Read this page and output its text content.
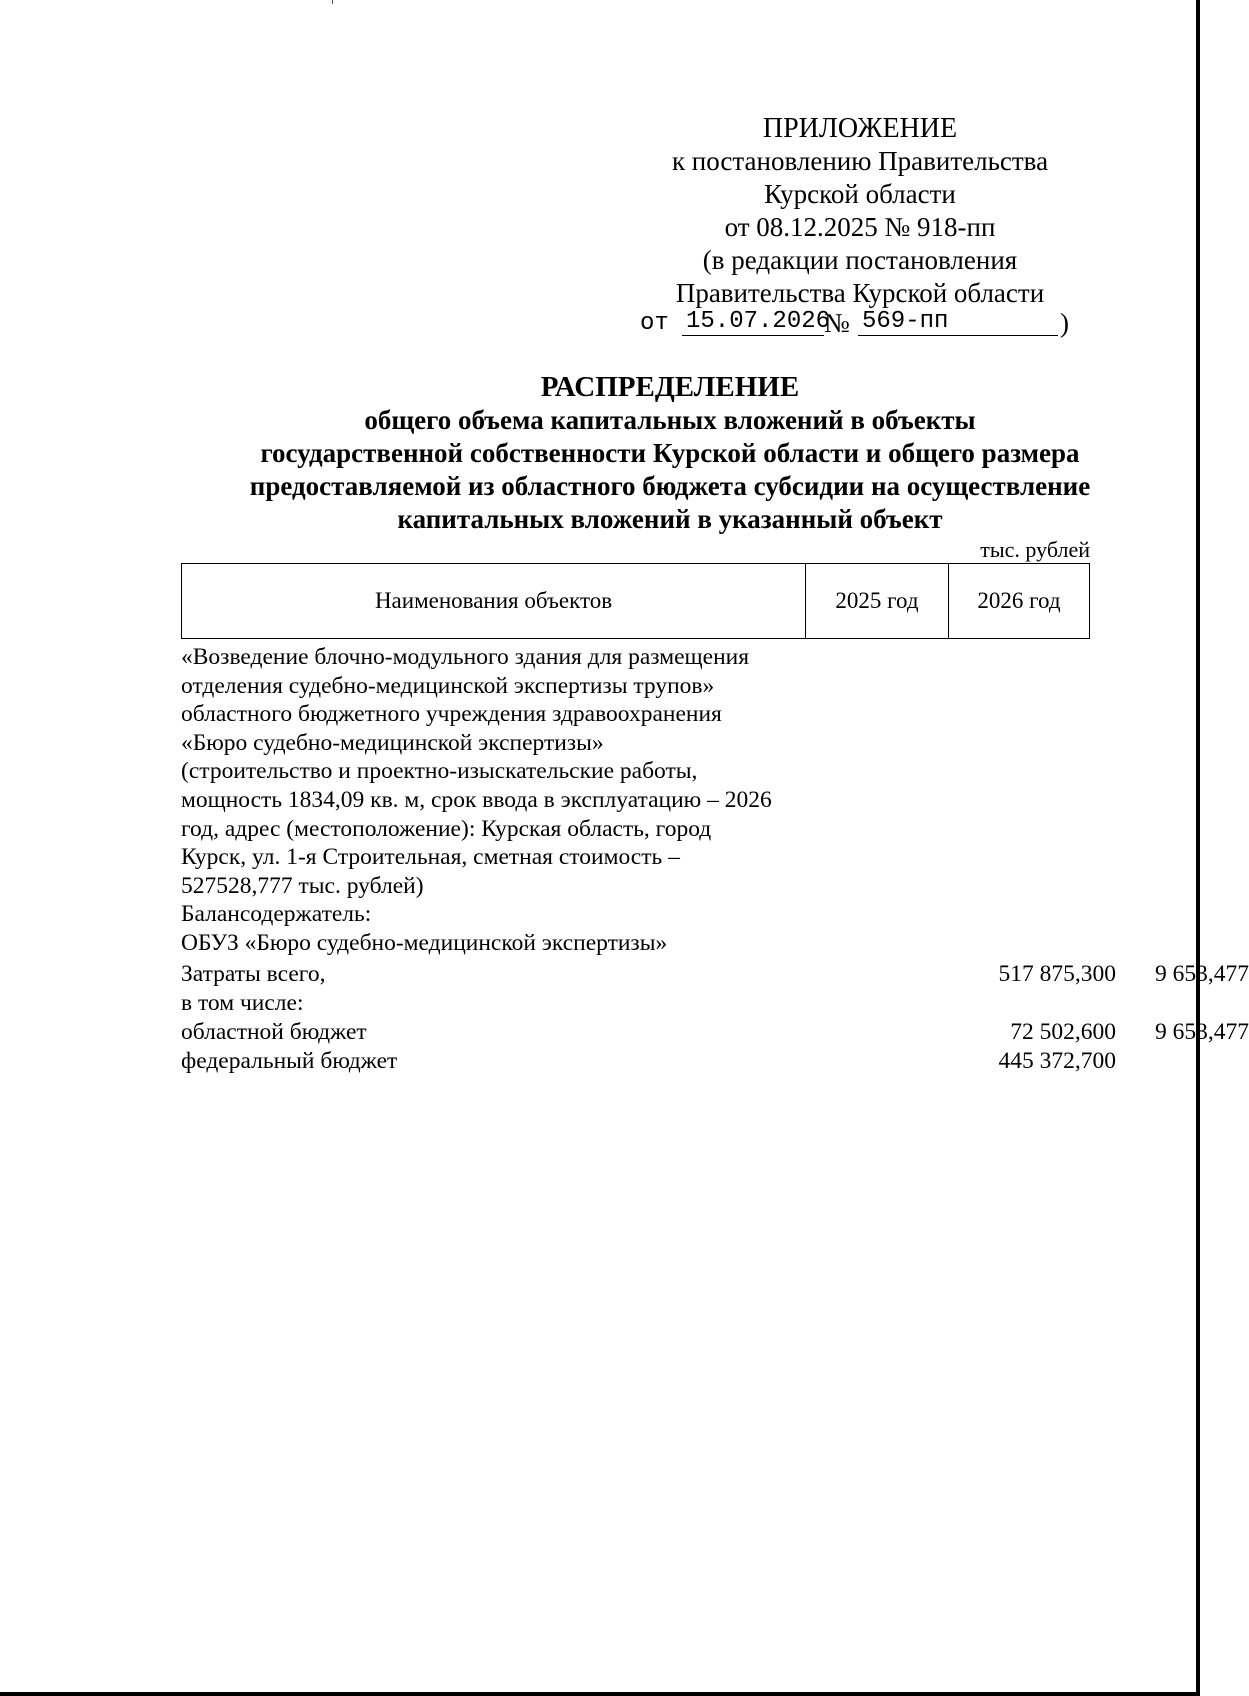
ПРИЛОЖЕНИЕ
к постановлению Правительства
Курской области
от 08.12.2025 № 918-пп
(в редакции постановления
Правительства Курской области
от 15.07.2026
№ 569-пп	)
РАСПРЕДЕЛЕНИЕ
общего объема капитальных вложений в объекты
государственной собственности Курской области и общего размера
предоставляемой из областного бюджета субсидии на осуществление
капитальных вложений в указанный объект
тыс. рублей
Наименования объектов	2025 год	2026 год
«Возведение блочно-модульного здания для размещения
отделения судебно-медицинской экспертизы трупов»
областного бюджетного учреждения здравоохранения
«Бюро судебно-медицинской экспертизы»
(строительство и проектно-изыскательские работы,
мощность 1834,09 кв. м, срок ввода в эксплуатацию – 2026
год, адрес (местоположение): Курская область, город
Курск, ул. 1-я Строительная, сметная стоимость –
527528,777 тыс. рублей)
Балансодержатель:
ОБУЗ «Бюро судебно-медицинской экспертизы»
Затраты всего,	517 875,300	9 653,477
в том числе:
областной бюджет	72 502,600	9 653,477
федеральный бюджет	445 372,700
